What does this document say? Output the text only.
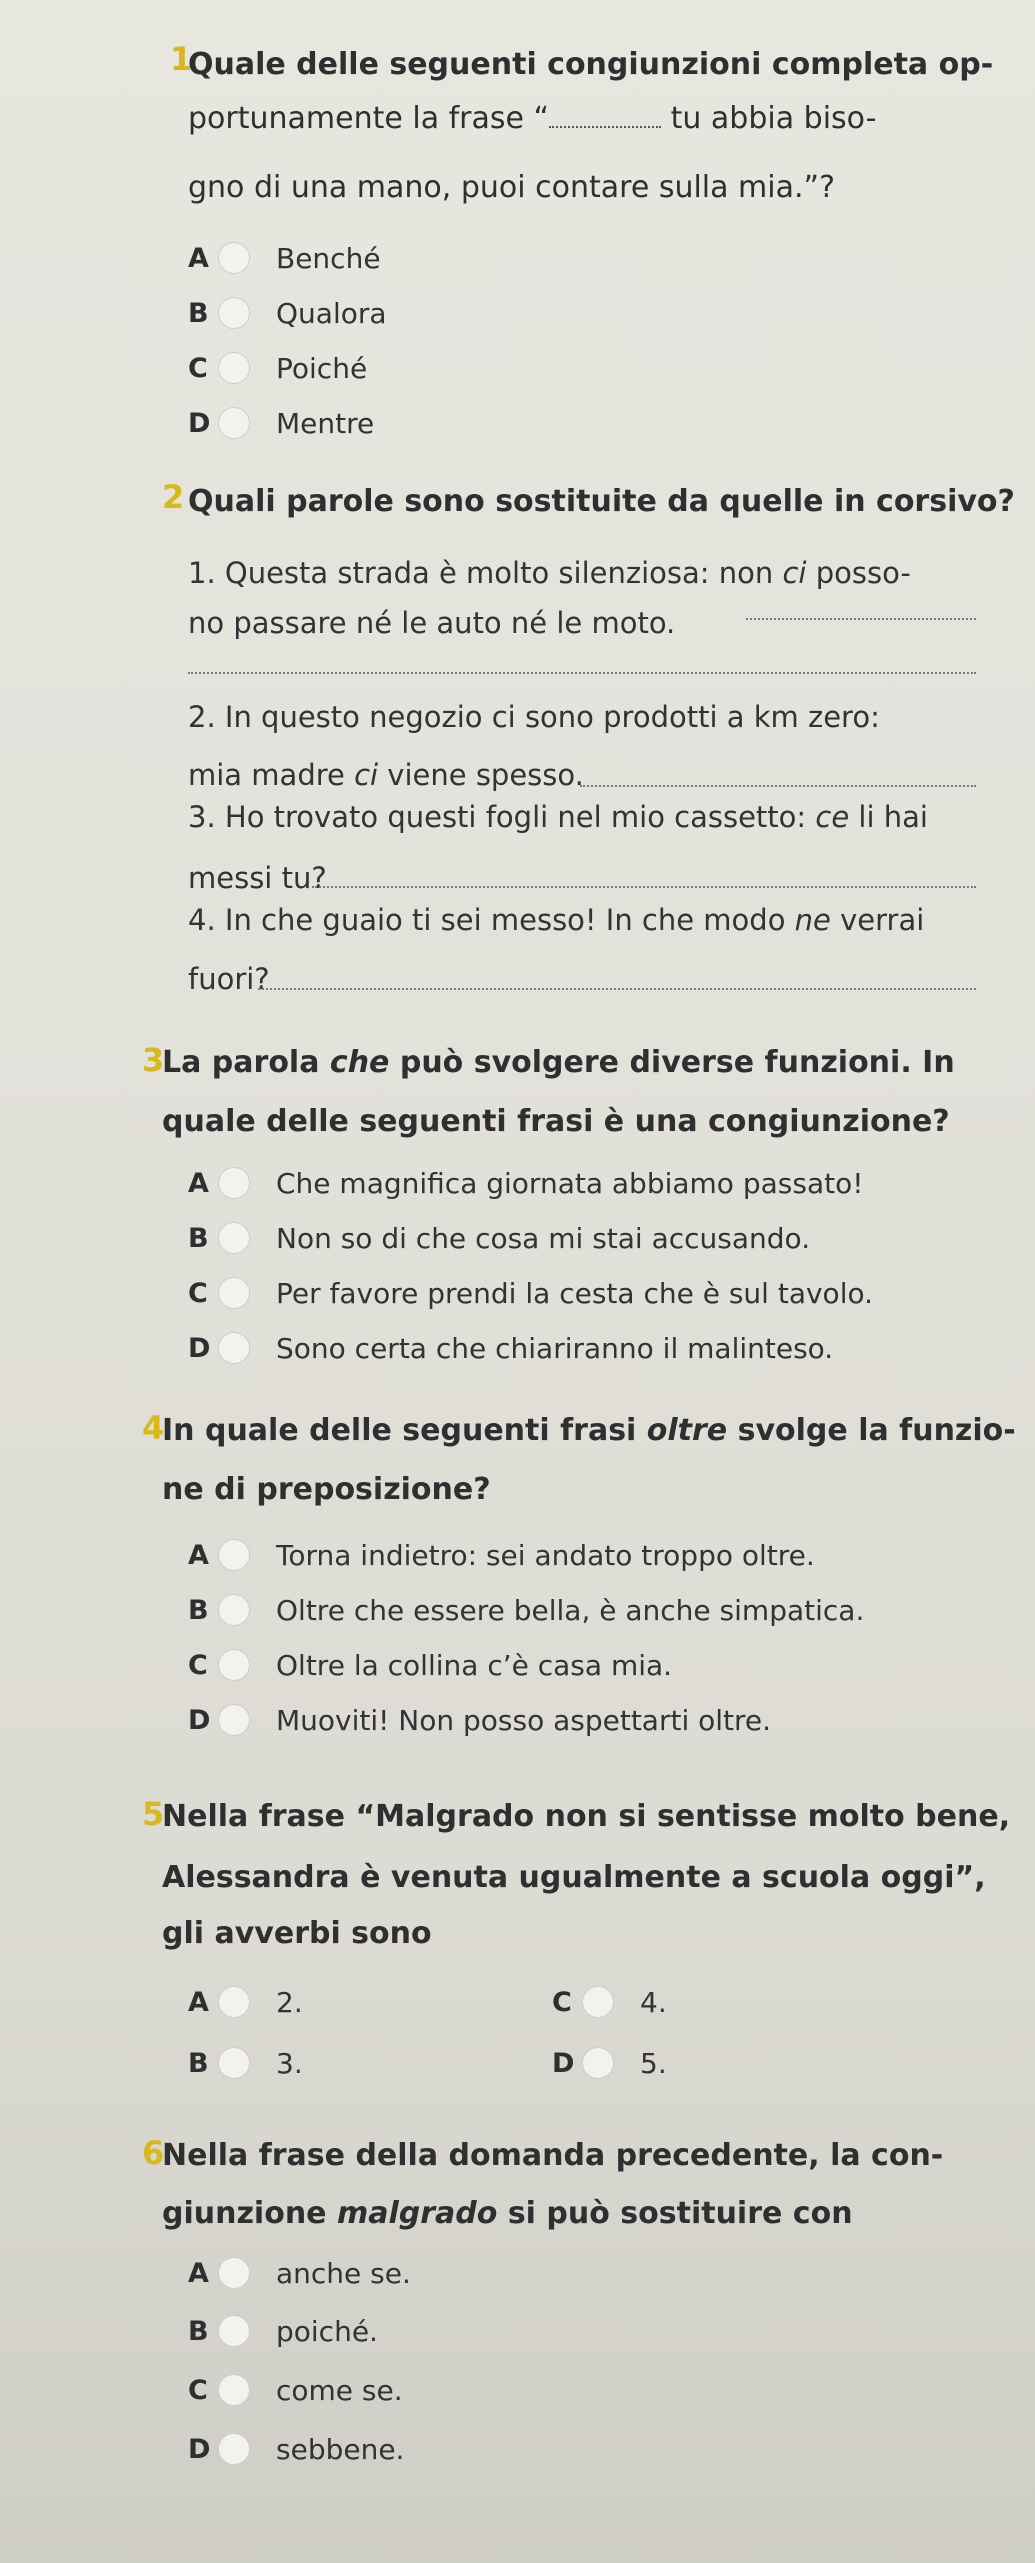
1
Quale delle seguenti congiunzioni completa op-
portunamente la frase “	tu abbia biso-
gno di una mano, puoi contare sulla mia.”?
A	Benché
B	Qualora
C	Poiché
D Mentre
2 Quali parole sono sostituite da quelle in corsivo?
1. Questa strada è molto silenziosa: non ci posso-
no passare né le auto né le moto.
2. In questo negozio ci sono prodotti a km zero:
mia madre ci viene spesso.
3. Ho trovato questi fogli nel mio cassetto: ce li hai
messi tu?
4. In che guaio ti sei messo! In che modo ne verrai
fuori?
3
La parola che può svolgere diverse funzioni. In
quale delle seguenti frasi è una congiunzione?
A	Che magnifica giornata abbiamo passato!
B	Non so di che cosa mi stai accusando.
C	Per favore prendi la cesta che è sul tavolo.
D Sono certa che chiariranno il malinteso.
4
In quale delle seguenti frasi oltre svolge la funzio-
ne di preposizione?
A	Torna indietro: sei andato troppo oltre.
B	Oltre che essere bella, è anche simpatica.
C	Oltre la collina c’è casa mia.
D Muoviti! Non posso aspettarti oltre.
5
Nella frase “Malgrado non si sentisse molto bene,
Alessandra è venuta ugualmente a scuola oggi”,
gli avverbi sono
A	2.
B	3.
C	4.
D 5.
6
Nella frase della domanda precedente, la con-
giunzione malgrado si può sostituire con
A	anche se.
B	poiché.
C	come se.
D sebbene.
